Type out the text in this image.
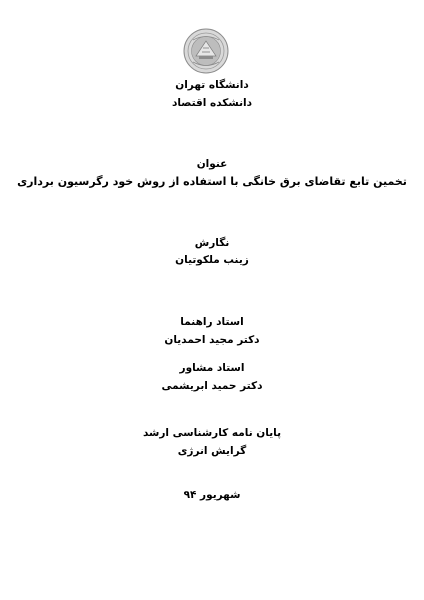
دانشگاه تهران
دانشکده اقتصاد
عنوان
تخمین تابع تقاضای برق خانگی با استفاده از روش خود رگرسیون برداری
نگارش
زینب ملکوتیان
استاد راهنما
دکتر مجید احمدیان
استاد مشاور
دکتر حمید ابریشمی
پایان نامه کارشناسی ارشد
گرایش انرژی
شهریور ۹۴
